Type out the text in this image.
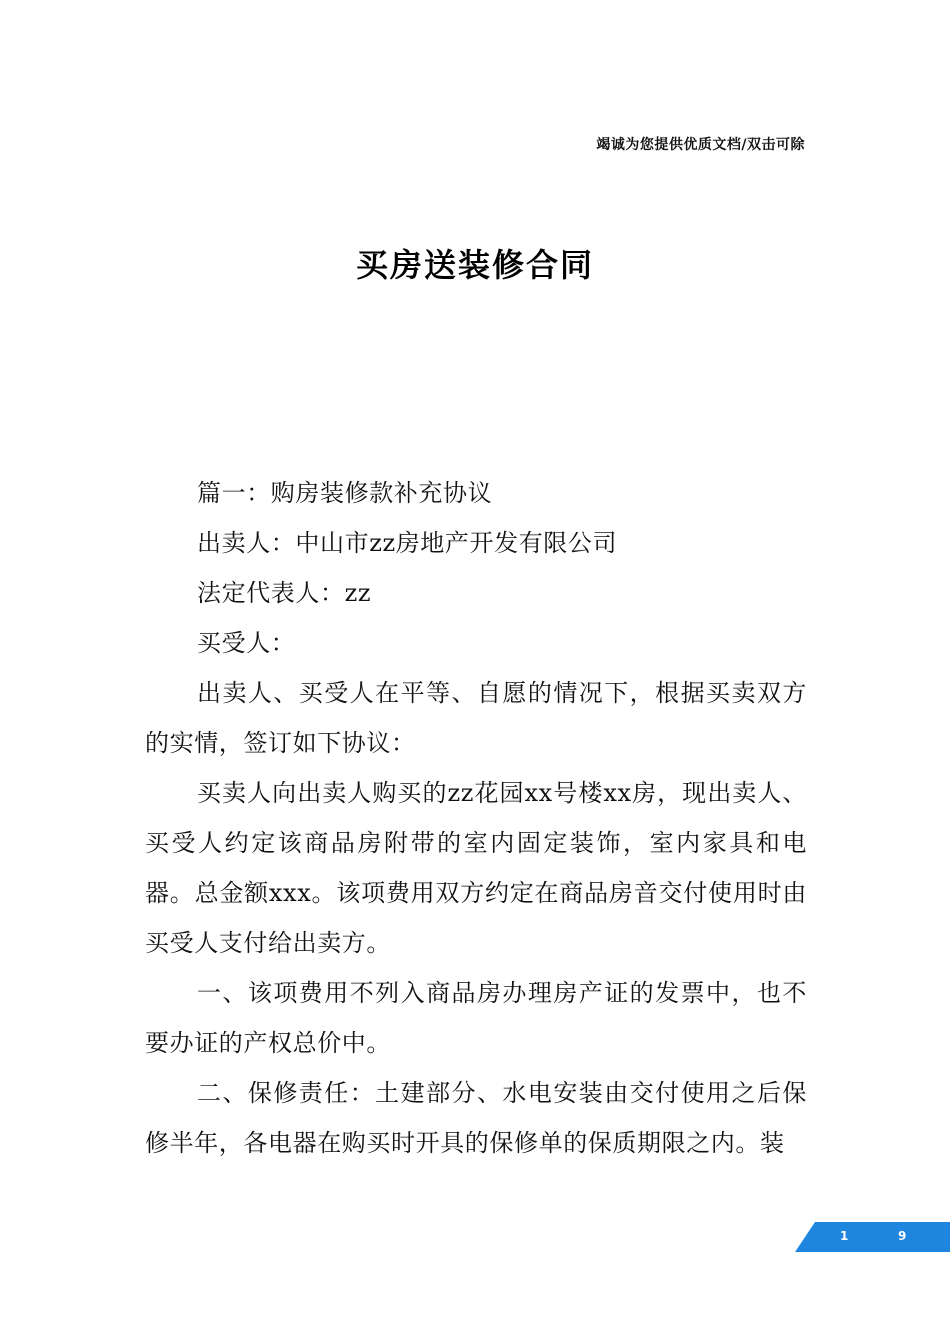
竭诚为您提供优质文档/双击可除
买房送装修合同

篇一：购房装修款补充协议

出卖人：中山市zz房地产开发有限公司

法定代表人：zz

买受人：

出卖人、买受人在平等、自愿的情况下，根据买卖双方的实情，签订如下协议：

买卖人向出卖人购买的zz花园xx号楼xx房，现出卖人、买受人约定该商品房附带的室内固定装饰，室内家具和电器。总金额xxx。该项费用双方约定在商品房音交付使用时由买受人支付给出卖方。

一、该项费用不列入商品房办理房产证的发票中，也不要办证的产权总价中。

二、保修责任：土建部分、水电安装由交付使用之后保修半年，各电器在购买时开具的保修单的保质期限之内。装

1	9
